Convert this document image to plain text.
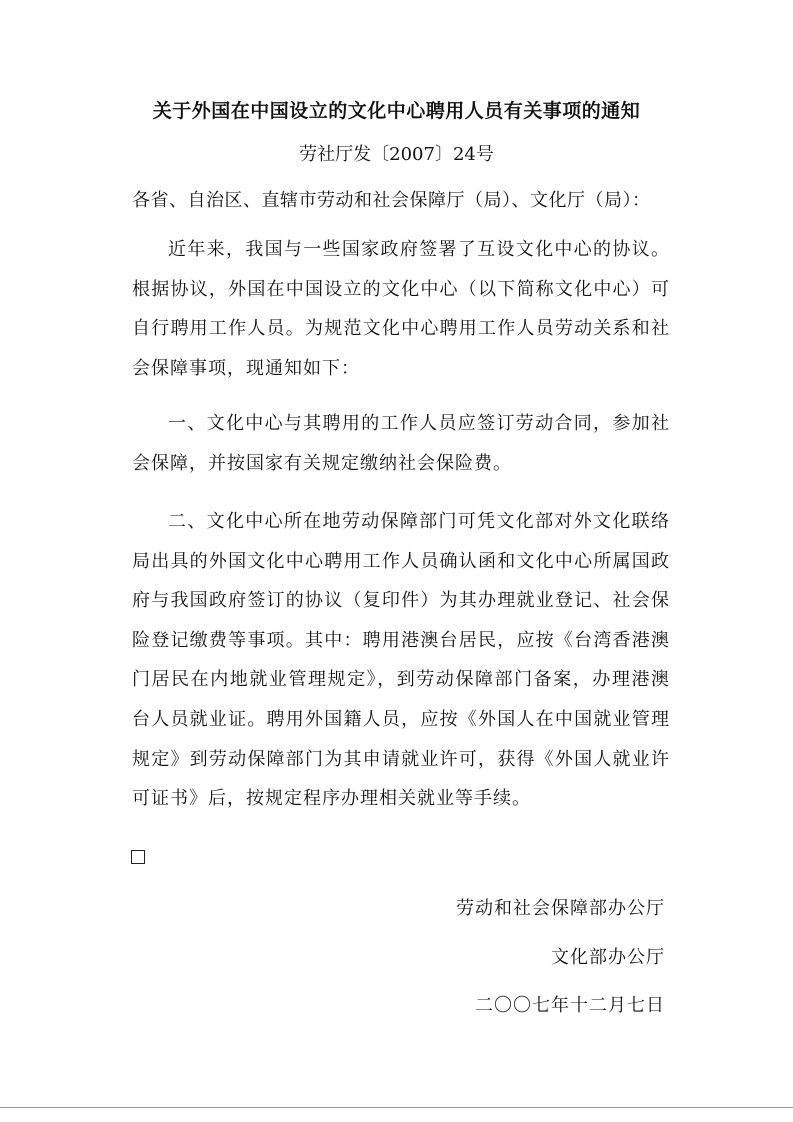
关于外国在中国设立的文化中心聘用人员有关事项的通知
劳社厅发〔2007〕24号
各省、自治区、直辖市劳动和社会保障厅（局）、文化厅（局）：

近年来，我国与一些国家政府签署了互设文化中心的协议。根据协议，外国在中国设立的文化中心（以下简称文化中心）可自行聘用工作人员。为规范文化中心聘用工作人员劳动关系和社会保障事项，现通知如下：

一、文化中心与其聘用的工作人员应签订劳动合同，参加社会保障，并按国家有关规定缴纳社会保险费。

二、文化中心所在地劳动保障部门可凭文化部对外文化联络局出具的外国文化中心聘用工作人员确认函和文化中心所属国政府与我国政府签订的协议（复印件）为其办理就业登记、社会保险登记缴费等事项。其中：聘用港澳台居民，应按《台湾香港澳门居民在内地就业管理规定》，到劳动保障部门备案，办理港澳台人员就业证。聘用外国籍人员，应按《外国人在中国就业管理规定》到劳动保障部门为其申请就业许可，获得《外国人就业许可证书》后，按规定程序办理相关就业等手续。

劳动和社会保障部办公厅
文化部办公厅
二〇〇七年十二月七日
